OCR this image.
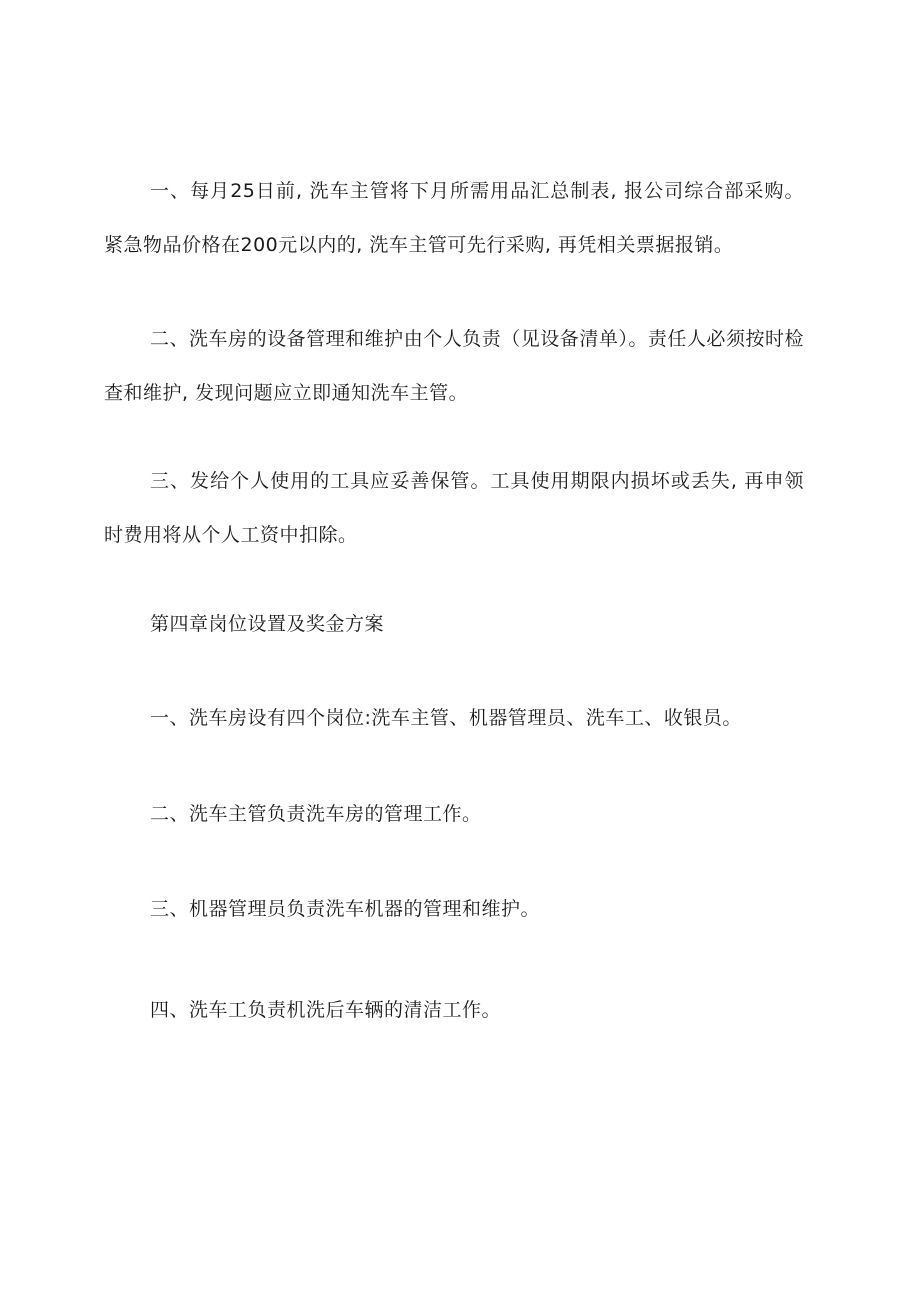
一、每月25日前, 洗车主管将下月所需用品汇总制表, 报公司综合部采购。紧急物品价格在200元以内的, 洗车主管可先行采购, 再凭相关票据报销。

二、洗车房的设备管理和维护由个人负责（见设备清单）。责任人必须按时检查和维护, 发现问题应立即通知洗车主管。

三、发给个人使用的工具应妥善保管。工具使用期限内损坏或丢失, 再申领时费用将从个人工资中扣除。

第四章岗位设置及奖金方案

一、洗车房设有四个岗位:洗车主管、机器管理员、洗车工、收银员。

二、洗车主管负责洗车房的管理工作。

三、机器管理员负责洗车机器的管理和维护。

四、洗车工负责机洗后车辆的清洁工作。
